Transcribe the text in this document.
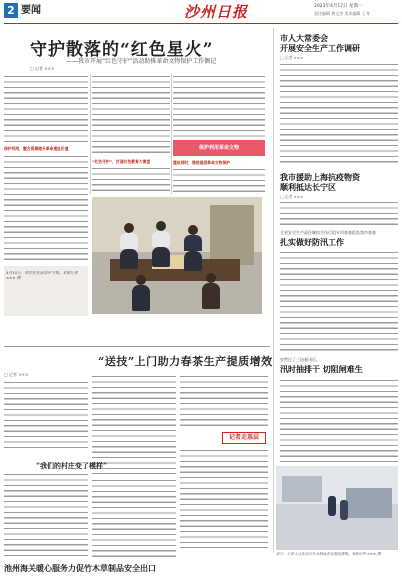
2 要闻	沙州日报	2023年4月17日 星期一
责任编辑 黄文杰 美术编辑 王冬
守护散落的“红色星火”
——我市开展“红色守护”活动助推革命文物保护工作侧记
□ 记者 ×××
保护利用，整合资源提升革命遗址价值
“红色守护”，打造红色教育大课堂
保护利用革命文物
建设同时，推进基层革命文物保护
4月15日，同学们在活动中下棋。本报记者 ××× 摄
市人大常委会
开展安全生产工作调研
□ 记者 ×××
我市援助上海抗疫物资
顺利抵达长宁区
□ 记者 ×××
全省安全生产责任制综合执行组专项督查组赴我市督查
扎实做好防汛工作
安然过了三场春汛后，
汛时抽排干 切阻闸难生
“送技”上门助力春茶生产提质增效
□ 记者 ×××
记者走基层
“我们的村庄变了模样”
池州海关暖心服务力促竹木草制品安全出口
近日，工作人员在出口竹木制品企业查验货物。本报记者 ××× 摄
